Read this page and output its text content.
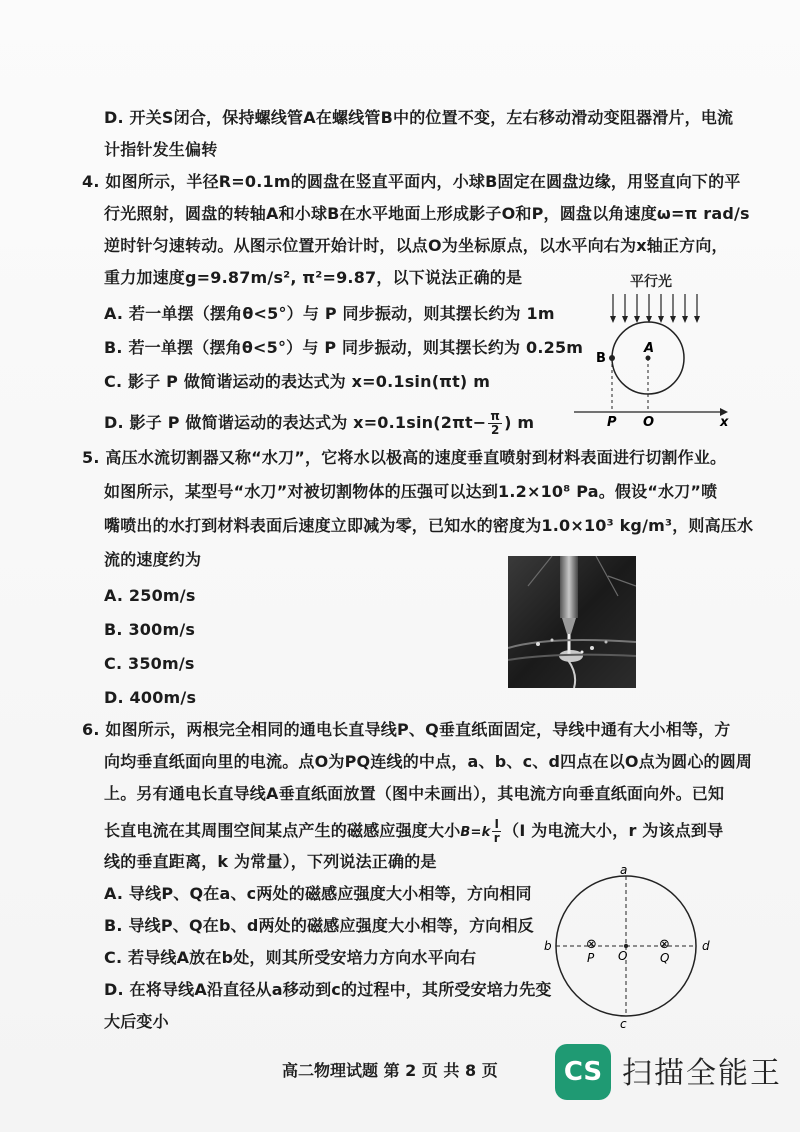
D. 开关S闭合，保持螺线管A在螺线管B中的位置不变，左右移动滑动变阻器滑片，电流
计指针发生偏转
4. 如图所示，半径R=0.1m的圆盘在竖直平面内，小球B固定在圆盘边缘，用竖直向下的平
行光照射，圆盘的转轴A和小球B在水平地面上形成影子O和P，圆盘以角速度ω=π rad/s
逆时针匀速转动。从图示位置开始计时，以点O为坐标原点，以水平向右为x轴正方向，
重力加速度g=9.87m/s², π²=9.87，以下说法正确的是
A. 若一单摆（摆角θ<5°）与 P 同步振动，则其摆长约为 1m
B. 若一单摆（摆角θ<5°）与 P 同步振动，则其摆长约为 0.25m
C. 影子 P 做简谐运动的表达式为 x=0.1sin(πt) m
D. 影子 P 做简谐运动的表达式为 $x=0.1\sin(2\pi t- \frac{\pi}{2}$ ) m
平行光
B
A
P O	x
5. 高压水流切割器又称“水刀”，它将水以极高的速度垂直喷射到材料表面进行切割作业。
如图所示，某型号“水刀”对被切割物体的压强可以达到1.2×10⁸ Pa。假设“水刀”喷
嘴喷出的水打到材料表面后速度立即减为零，已知水的密度为1.0×10³ kg/m³，则高压水
流的速度约为
A. 250m/s
B. 300m/s
C. 350m/s
D. 400m/s
6. 如图所示，两根完全相同的通电长直导线P、Q垂直纸面固定，导线中通有大小相等，方
向均垂直纸面向里的电流。点O为PQ连线的中点，a、b、c、d四点在以O点为圆心的圆周
上。另有通电长直导线A垂直纸面放置（图中未画出），其电流方向垂直纸面向外。已知
长直电流在其周围空间某点产生的磁感应强度大小$B=k \frac{I}{r} (I$ 为电流大小，r 为该点到导
线的垂直距离，k 为常量），下列说法正确的是
A. 导线P、Q在a、c两处的磁感应强度大小相等，方向相同
B. 导线P、Q在b、d两处的磁感应强度大小相等，方向相反
C. 若导线A放在b处，则其所受安培力方向水平向右
D. 在将导线A沿直径从a移动到c的过程中，其所受安培力先变
大后变小
a
c
b	d
⊗	⊗
P	Q
O
高二物理试题 第 2 页 共 8 页	CS 扫描全能王
